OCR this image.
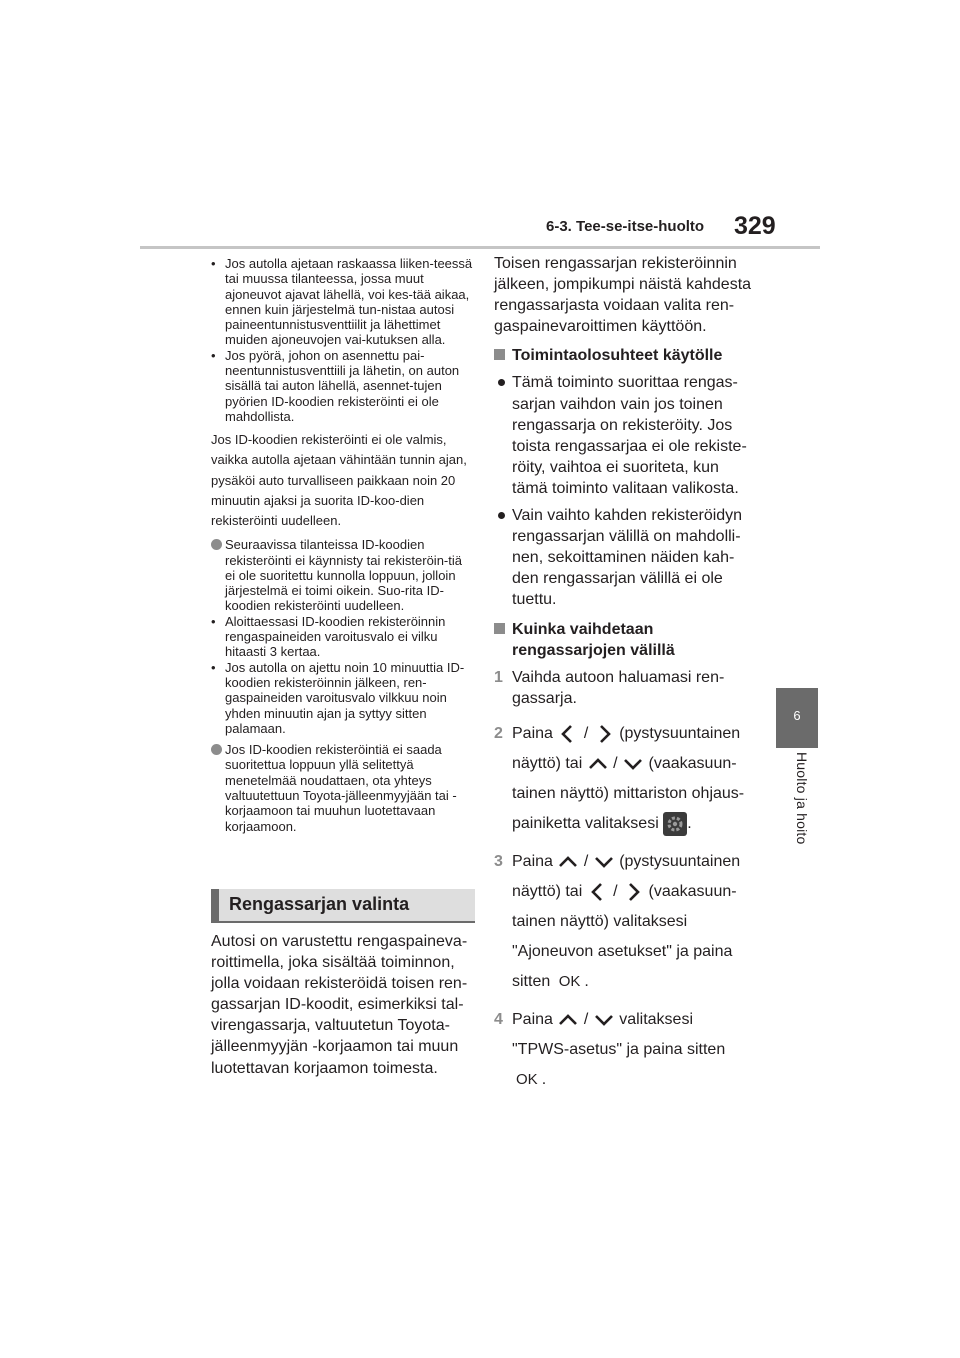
6-3. Tee-se-itse-huolto 329
6
Huolto ja hoito
• Jos autolla ajetaan raskaassa liiken-teessä tai muussa tilanteessa, jossa muut ajoneuvot ajavat lähellä, voi kes-tää aikaa, ennen kuin järjestelmä tun-nistaa autosi paineentunnistusventtiilit ja lähettimet muiden ajoneuvojen vai-kutuksen alla.
• Jos pyörä, johon on asennettu pai-neentunnistusventtiili ja lähetin, on auton sisällä tai auton lähellä, asennet-tujen pyörien ID-koodien rekisteröinti ei ole mahdollista.
Jos ID-koodien rekisteröinti ei ole valmis, vaikka autolla ajetaan vähintään tunnin ajan, pysäköi auto turvalliseen paikkaan noin 20 minuutin ajaksi ja suorita ID-koo-dien rekisteröinti uudelleen.
Seuraavissa tilanteissa ID-koodien rekisteröinti ei käynnisty tai rekisteröin-tiä ei ole suoritettu kunnolla loppuun, jolloin järjestelmä ei toimi oikein. Suo-rita ID-koodien rekisteröinti uudelleen.
• Aloittaessasi ID-koodien rekisteröinnin rengaspaineiden varoitusvalo ei vilku hitaasti 3 kertaa.
• Jos autolla on ajettu noin 10 minuuttia ID-koodien rekisteröinnin jälkeen, ren-gaspaineiden varoitusvalo vilkkuu noin yhden minuutin ajan ja syttyy sitten palamaan.
Jos ID-koodien rekisteröintiä ei saada suoritettua loppuun yllä selitettyä menetelmää noudattaen, ota yhteys valtuutettuun Toyota-jälleenmyyjään tai -korjaamoon tai muuhun luotettavaan korjaamoon.
Rengassarjan valinta
Autosi on varustettu rengaspaineva-roittimella, joka sisältää toiminnon, jolla voidaan rekisteröidä toisen ren-gassarjan ID-koodit, esimerkiksi tal-virengassarja, valtuutetun Toyota-jälleenmyyjän -korjaamon tai muun luotettavan korjaamon toimesta.
Toisen rengassarjan rekisteröinnin jälkeen, jompikumpi näistä kahdesta rengassarjasta voidaan valita ren-gaspainevaroittimen käyttöön.
Toimintaolosuhteet käytölle
Tämä toiminto suorittaa rengas-sarjan vaihdon vain jos toinen rengassarja on rekisteröity. Jos toista rengassarjaa ei ole rekiste-röity, vaihtoa ei suoriteta, kun tämä toiminto valitaan valikosta.
Vain vaihto kahden rekisteröidyn rengassarjan välillä on mahdolli-nen, sekoittaminen näiden kah-den rengassarjan välillä ei ole tuettu.
Kuinka vaihdetaan rengassarjojen välillä
1 Vaihda autoon haluamasi ren-gassarja.
2 Paina / (pystysuuntainen
näyttö) tai / (vaakasuun-
tainen näyttö) mittariston ohjaus-
painiketta valitaksesi .
3 Paina / (pystysuuntainen
näyttö) tai / (vaakasuun-
tainen näyttö) valitaksesi
"Ajoneuvon asetukset" ja paina
sitten OK .
4 Paina / valitaksesi
"TPWS-asetus" ja paina sitten
OK .
